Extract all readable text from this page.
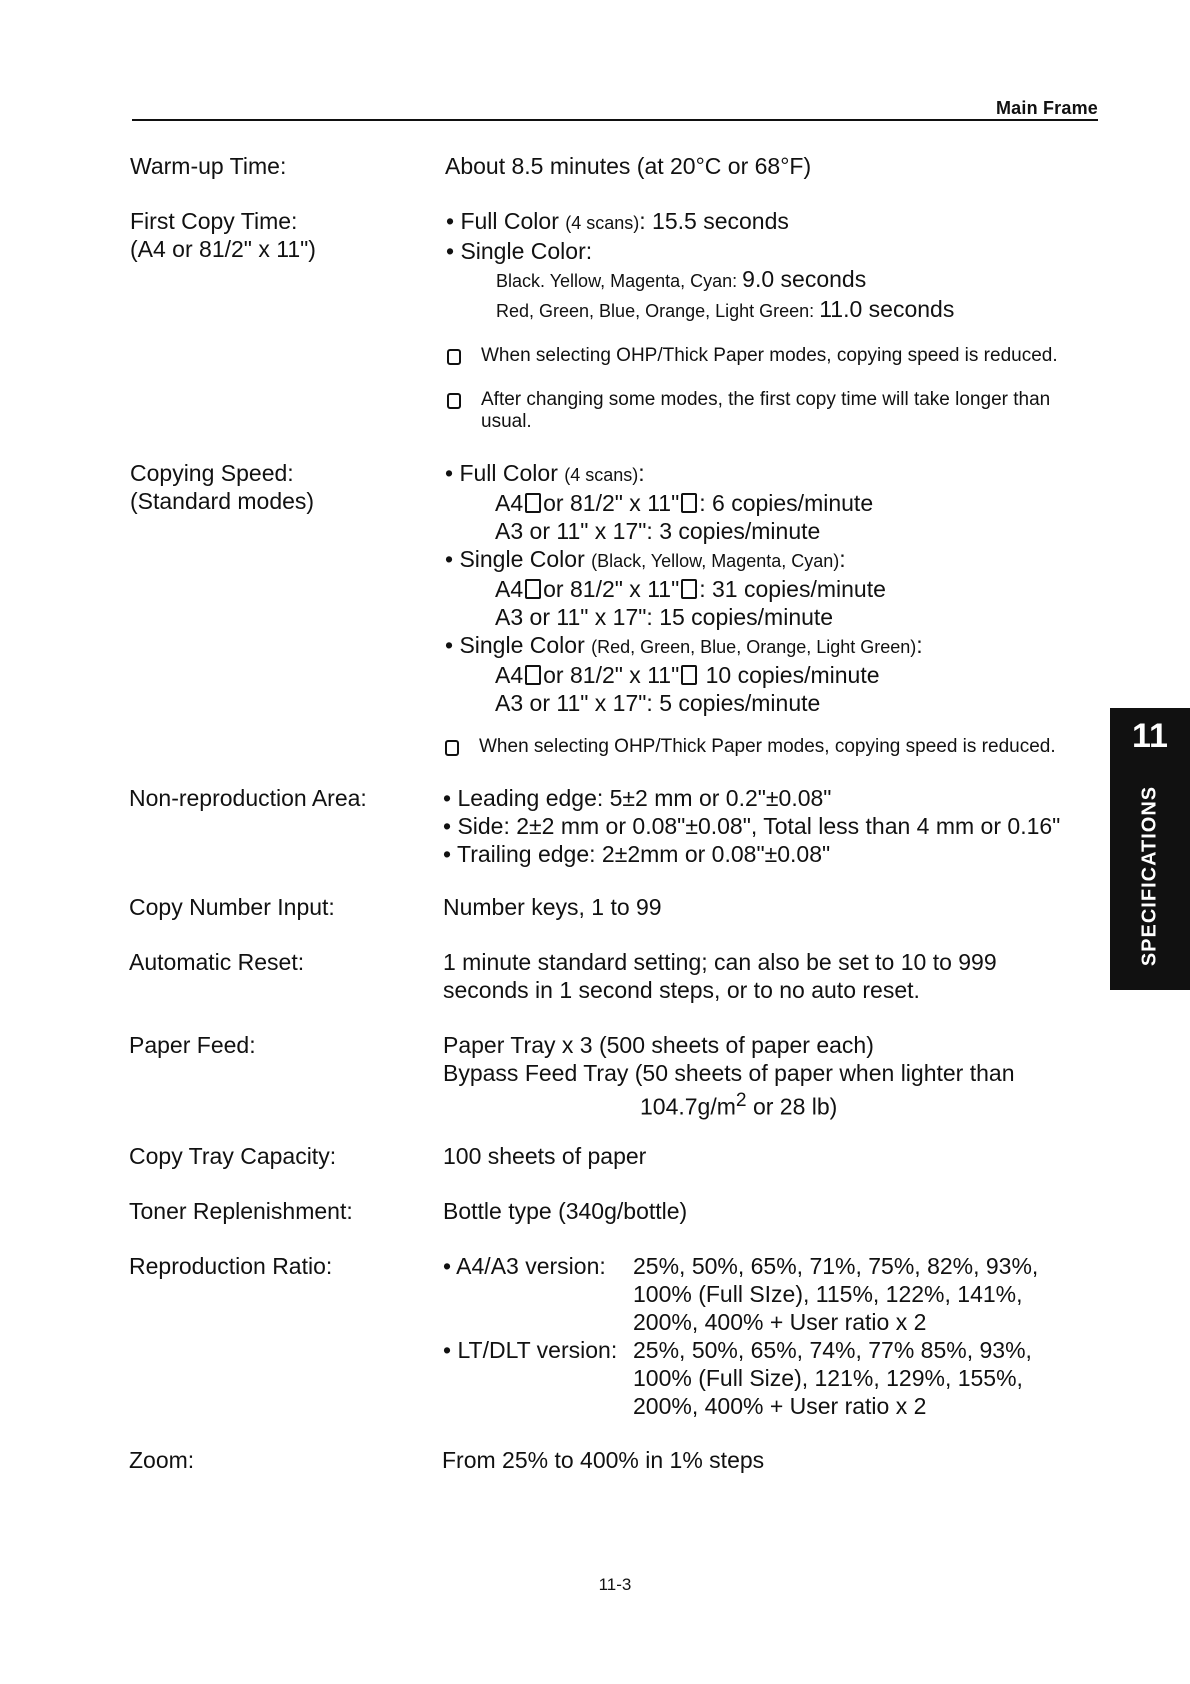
Main Frame
Warm-up Time:	About 8.5 minutes (at 20°C or 68°F)
First Copy Time:
(A4 or 81/2" x 11")
• Full Color (4 scans): 15.5 seconds
• Single Color:
Black. Yellow, Magenta, Cyan: 9.0 seconds
Red, Green, Blue, Orange, Light Green: 11.0 seconds
When selecting OHP/Thick Paper modes, copying speed is reduced.
After changing some modes, the first copy time will take longer than usual.
Copying Speed:
(Standard modes)
• Full Color (4 scans):
A4 or 81/2" x 11" : 6 copies/minute
A3 or 11" x 17": 3 copies/minute
• Single Color (Black, Yellow, Magenta, Cyan):
A4 or 81/2" x 11" : 31 copies/minute
A3 or 11" x 17": 15 copies/minute
• Single Color (Red, Green, Blue, Orange, Light Green):
A4 or 81/2" x 11" 10 copies/minute
A3 or 11" x 17": 5 copies/minute
When selecting OHP/Thick Paper modes, copying speed is reduced.
Non-reproduction Area:	• Leading edge: 5±2 mm or 0.2"±0.08"
• Side: 2±2 mm or 0.08"±0.08", Total less than 4 mm or 0.16"
• Trailing edge: 2±2mm or 0.08"±0.08"
Copy Number Input:	Number keys, 1 to 99
Automatic Reset:	1 minute standard setting; can also be set to 10 to 999
seconds in 1 second steps, or to no auto reset.
Paper Feed:	Paper Tray x 3 (500 sheets of paper each)
Bypass Feed Tray (50 sheets of paper when lighter than
$104.7g/m^2$ or 28 lb)
Copy Tray Capacity:	100 sheets of paper
Toner Replenishment:	Bottle type (340g/bottle)
Reproduction Ratio:	• A4/A3 version:	25%, 50%, 65%, 71%, 75%, 82%, 93%,
100% (Full SIze), 115%, 122%, 141%,
200%, 400% + User ratio x 2
• LT/DLT version: 25%, 50%, 65%, 74%, 77% 85%, 93%,
100% (Full Size), 121%, 129%, 155%,
200%, 400% + User ratio x 2
Zoom:	From 25% to 400% in 1% steps
11
SPECIFICATIONS
11-3
